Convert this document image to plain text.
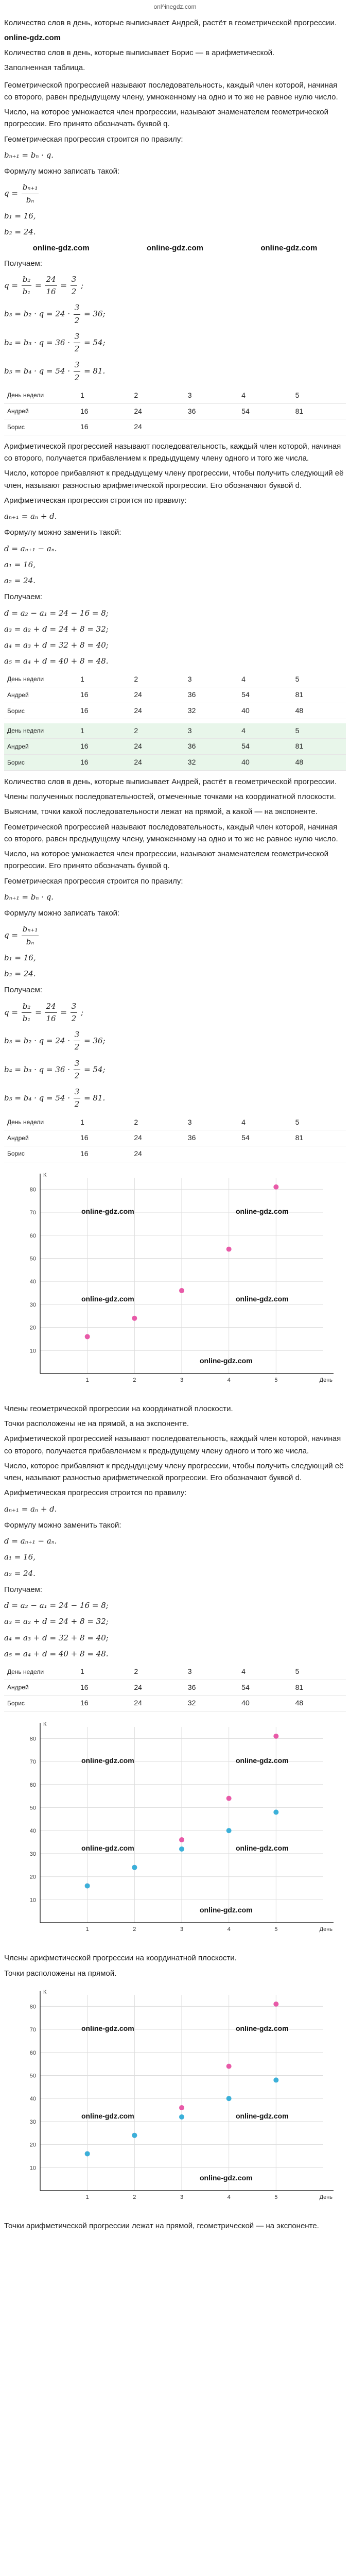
onl^inegdz.com

Количество слов в день, которые выписывает Андрей, растёт в геометрической прогрессии.

online-gdz.com

Количество слов в день, которые выписывает Борис — в арифметической.

Заполненная таблица.

Геометрической прогрессией называют последовательность, каждый член которой, начиная со второго, равен предыдущему члену, умноженному на одно и то же не равное нулю число.

Число, на которое умножается член прогрессии, называют знаменателем геометрической прогрессии. Его принято обозначать буквой q.

Геометрическая прогрессия строится по правилу:

bₙ₊₁ = bₙ · q.

Формулу можно записать такой:

$q = \frac{\text{bₙ₊₁}}{\text{bₙ}}$
b₁ = 16,
b₂ = 24.
online-gdz.com	online-gdz.com	online-gdz.com

Получаем:

$q = \frac{\text{b₂}}{\text{b₁}} = \frac{24}{16} = \frac{3}{2}$ ;
$b_3 = b_2 \cdot q = 24 \cdot \frac{3}{2} = 36$;
$b_4 = b_3 \cdot q = 36 \cdot \frac{3}{2} = 54$;
$b_5 = b_4 \cdot q = 54 \cdot \frac{3}{2} = 81$.
День недели	1	2	3	4	5
Андрей	16	24	36	54	81
Борис	16	24			

Арифметической прогрессией называют последовательность, каждый член которой, начиная со второго, получается прибавлением к предыдущему члену одного и того же числа.

Число, которое прибавляют к предыдущему члену прогрессии, чтобы получить следующий её член, называют разностью арифметической прогрессии. Его обозначают буквой d.

Арифметическая прогрессия строится по правилу:

aₙ₊₁ = aₙ + d.

Формулу можно заменить такой:

d = aₙ₊₁ − aₙ.
a₁ = 16,
a₂ = 24.

Получаем:

d = a₂ − a₁ = 24 − 16 = 8;
a₃ = a₂ + d = 24 + 8 = 32;
a₄ = a₃ + d = 32 + 8 = 40;
a₅ = a₄ + d = 40 + 8 = 48.
День недели	1	2	3	4	5
Андрей	16	24	36	54	81
Борис	16	24	32	40	48
День недели	1	2	3	4	5
Андрей	16	24	36	54	81
Борис	16	24	32	40	48

Количество слов в день, которые выписывает Андрей, растёт в геометрической прогрессии.

Члены полученных последовательностей, отмеченные точками на координатной плоскости.

Выясним, точки какой последовательности лежат на прямой, а какой — на экспоненте.

Геометрической прогрессией называют последовательность, каждый член которой, начиная со второго, равен предыдущему члену, умноженному на одно и то же не равное нулю число.

Число, на которое умножается член прогрессии, называют знаменателем геометрической прогрессии. Его принято обозначать буквой q.

Геометрическая прогрессия строится по правилу:

bₙ₊₁ = bₙ · q.

Формулу можно записать такой:

$q = \frac{\text{bₙ₊₁}}{\text{bₙ}}$
b₁ = 16,
b₂ = 24.

Получаем:

$q = \frac{\text{b₂}}{\text{b₁}} = \frac{24}{16} = \frac{3}{2}$ ;
$b_3 = b_2 \cdot q = 24 \cdot \frac{3}{2} = 36$;
$b_4 = b_3 \cdot q = 36 \cdot \frac{3}{2} = 54$;
$b_5 = b_4 \cdot q = 54 \cdot \frac{3}{2} = 81$.
День недели	1	2	3	4	5
Андрей	16	24	36	54	81
Борис	16	24			
1	2	3	4	5
10
20
30
40
50
60
70
80
День
К
online-gdz.com	online-gdz.com
online-gdz.com	online-gdz.com
online-gdz.com

Члены геометрической прогрессии на координатной плоскости.

Точки расположены не на прямой, а на экспоненте.

Арифметической прогрессией называют последовательность, каждый член которой, начиная со второго, получается прибавлением к предыдущему члену одного и того же числа.

Число, которое прибавляют к предыдущему члену прогрессии, чтобы получить следующий её член, называют разностью арифметической прогрессии. Его обозначают буквой d.

Арифметическая прогрессия строится по правилу:

aₙ₊₁ = aₙ + d.

Формулу можно заменить такой:

d = aₙ₊₁ − aₙ.
a₁ = 16,
a₂ = 24.

Получаем:

d = a₂ − a₁ = 24 − 16 = 8;
a₃ = a₂ + d = 24 + 8 = 32;
a₄ = a₃ + d = 32 + 8 = 40;
a₅ = a₄ + d = 40 + 8 = 48.
День недели	1	2	3	4	5
Андрей	16	24	36	54	81
Борис	16	24	32	40	48
1	2	3	4	5
10
20
30
40
50
60
70
80
День
К
online-gdz.com	online-gdz.com
online-gdz.com	online-gdz.com
online-gdz.com

Члены арифметической прогрессии на координатной плоскости.

Точки расположены на прямой.

1	2	3	4	5
10
20
30
40
50
60
70
80
День
К
online-gdz.com	online-gdz.com
online-gdz.com	online-gdz.com
online-gdz.com

Точки арифметической прогрессии лежат на прямой, геометрической — на экспоненте.
